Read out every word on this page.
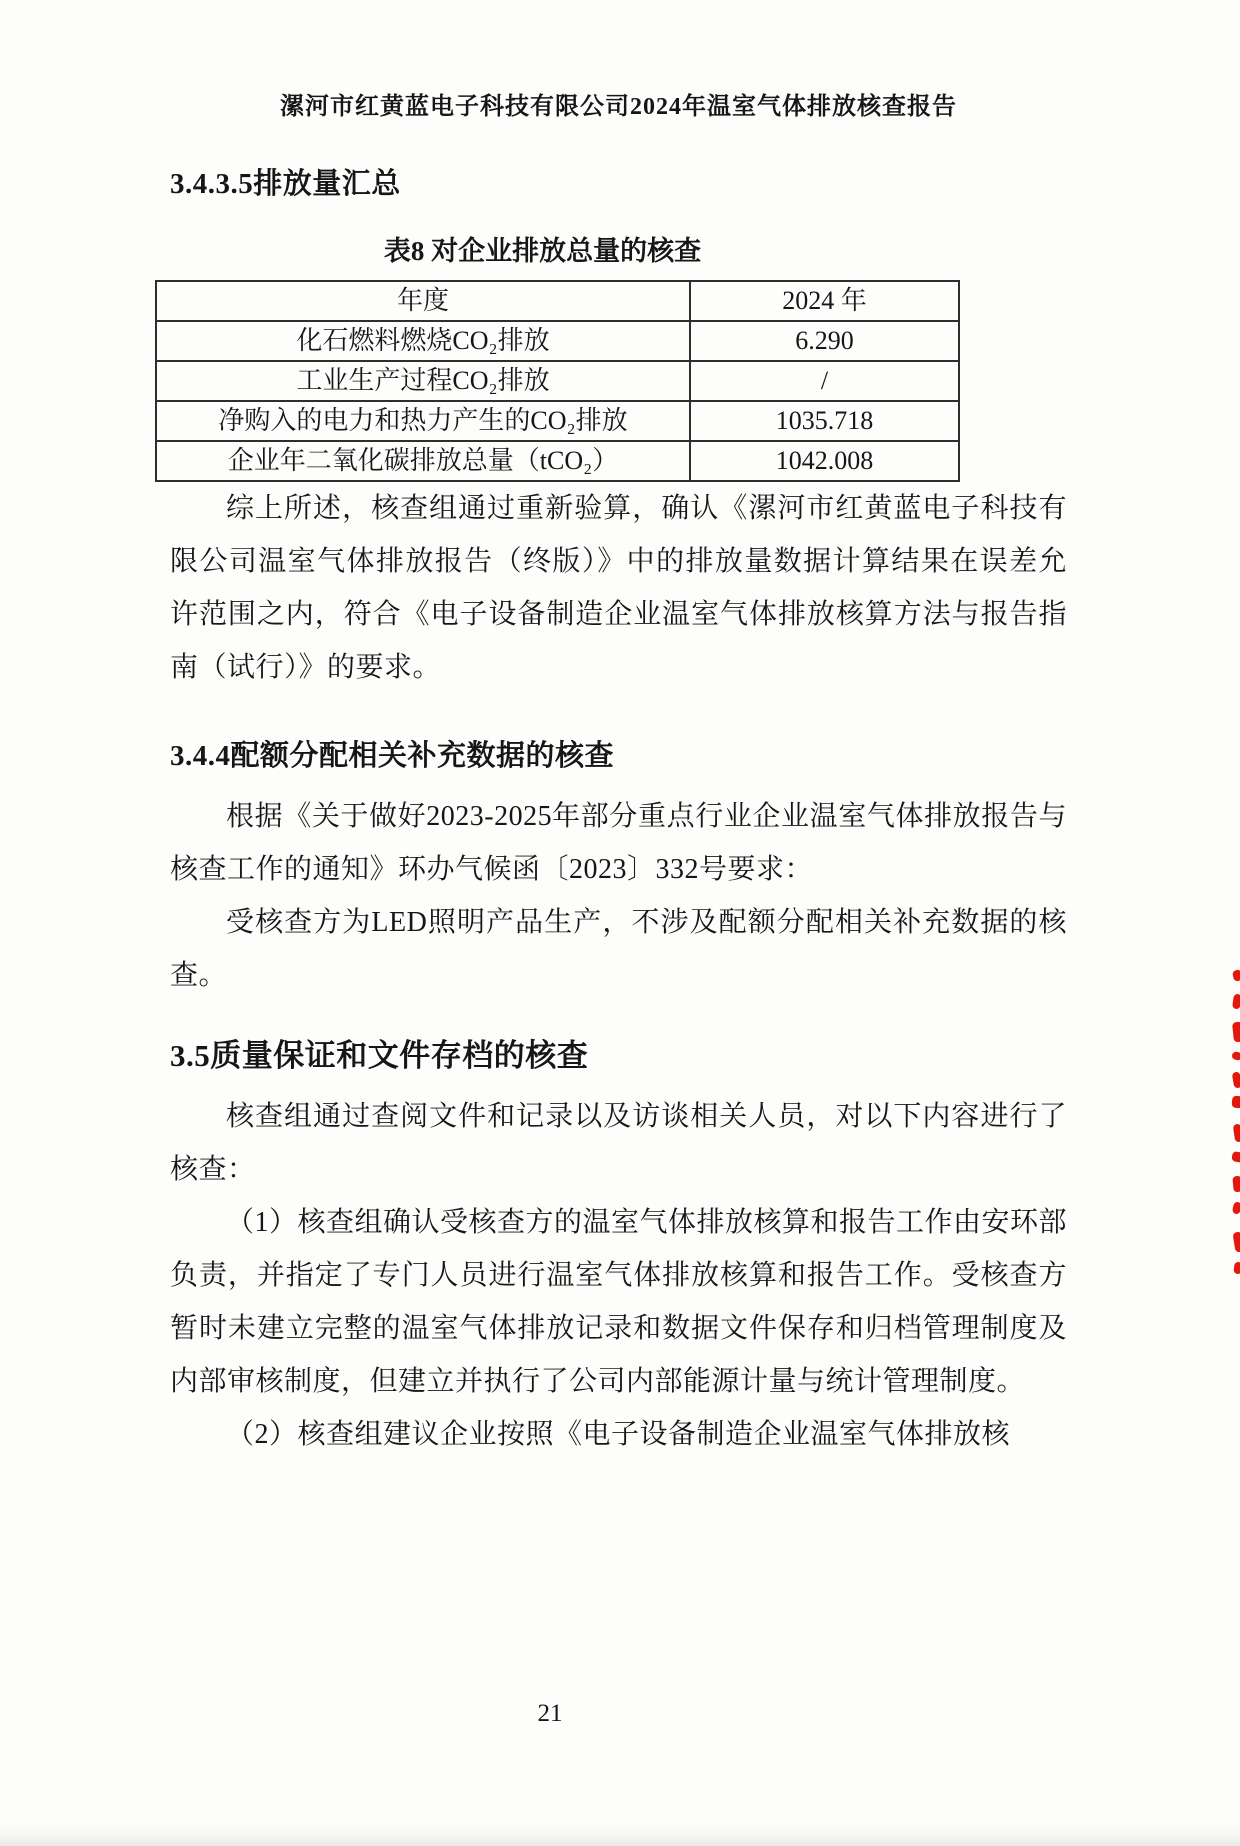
漯河市红黄蓝电子科技有限公司2024年温室气体排放核查报告
3.4.3.5排放量汇总
表8 对企业排放总量的核查
年度	2024 年
化石燃料燃烧CO₂排放	6.290
工业生产过程CO₂排放	/
净购入的电力和热力产生的CO₂排放	1035.718
企业年二氧化碳排放总量（tCO₂）	1042.008

综上所述，核查组通过重新验算，确认《漯河市红黄蓝电子科技有限公司温室气体排放报告（终版）》中的排放量数据计算结果在误差允许范围之内，符合《电子设备制造企业温室气体排放核算方法与报告指南（试行）》的要求。

3.4.4配额分配相关补充数据的核查

根据《关于做好2023-2025年部分重点行业企业温室气体排放报告与核查工作的通知》环办气候函〔2023〕332号要求：

受核查方为LED照明产品生产，不涉及配额分配相关补充数据的核查。

3.5质量保证和文件存档的核查

核查组通过查阅文件和记录以及访谈相关人员，对以下内容进行了核查：

（1）核查组确认受核查方的温室气体排放核算和报告工作由安环部负责，并指定了专门人员进行温室气体排放核算和报告工作。受核查方暂时未建立完整的温室气体排放记录和数据文件保存和归档管理制度及内部审核制度，但建立并执行了公司内部能源计量与统计管理制度。

（2）核查组建议企业按照《电子设备制造企业温室气体排放核

21
